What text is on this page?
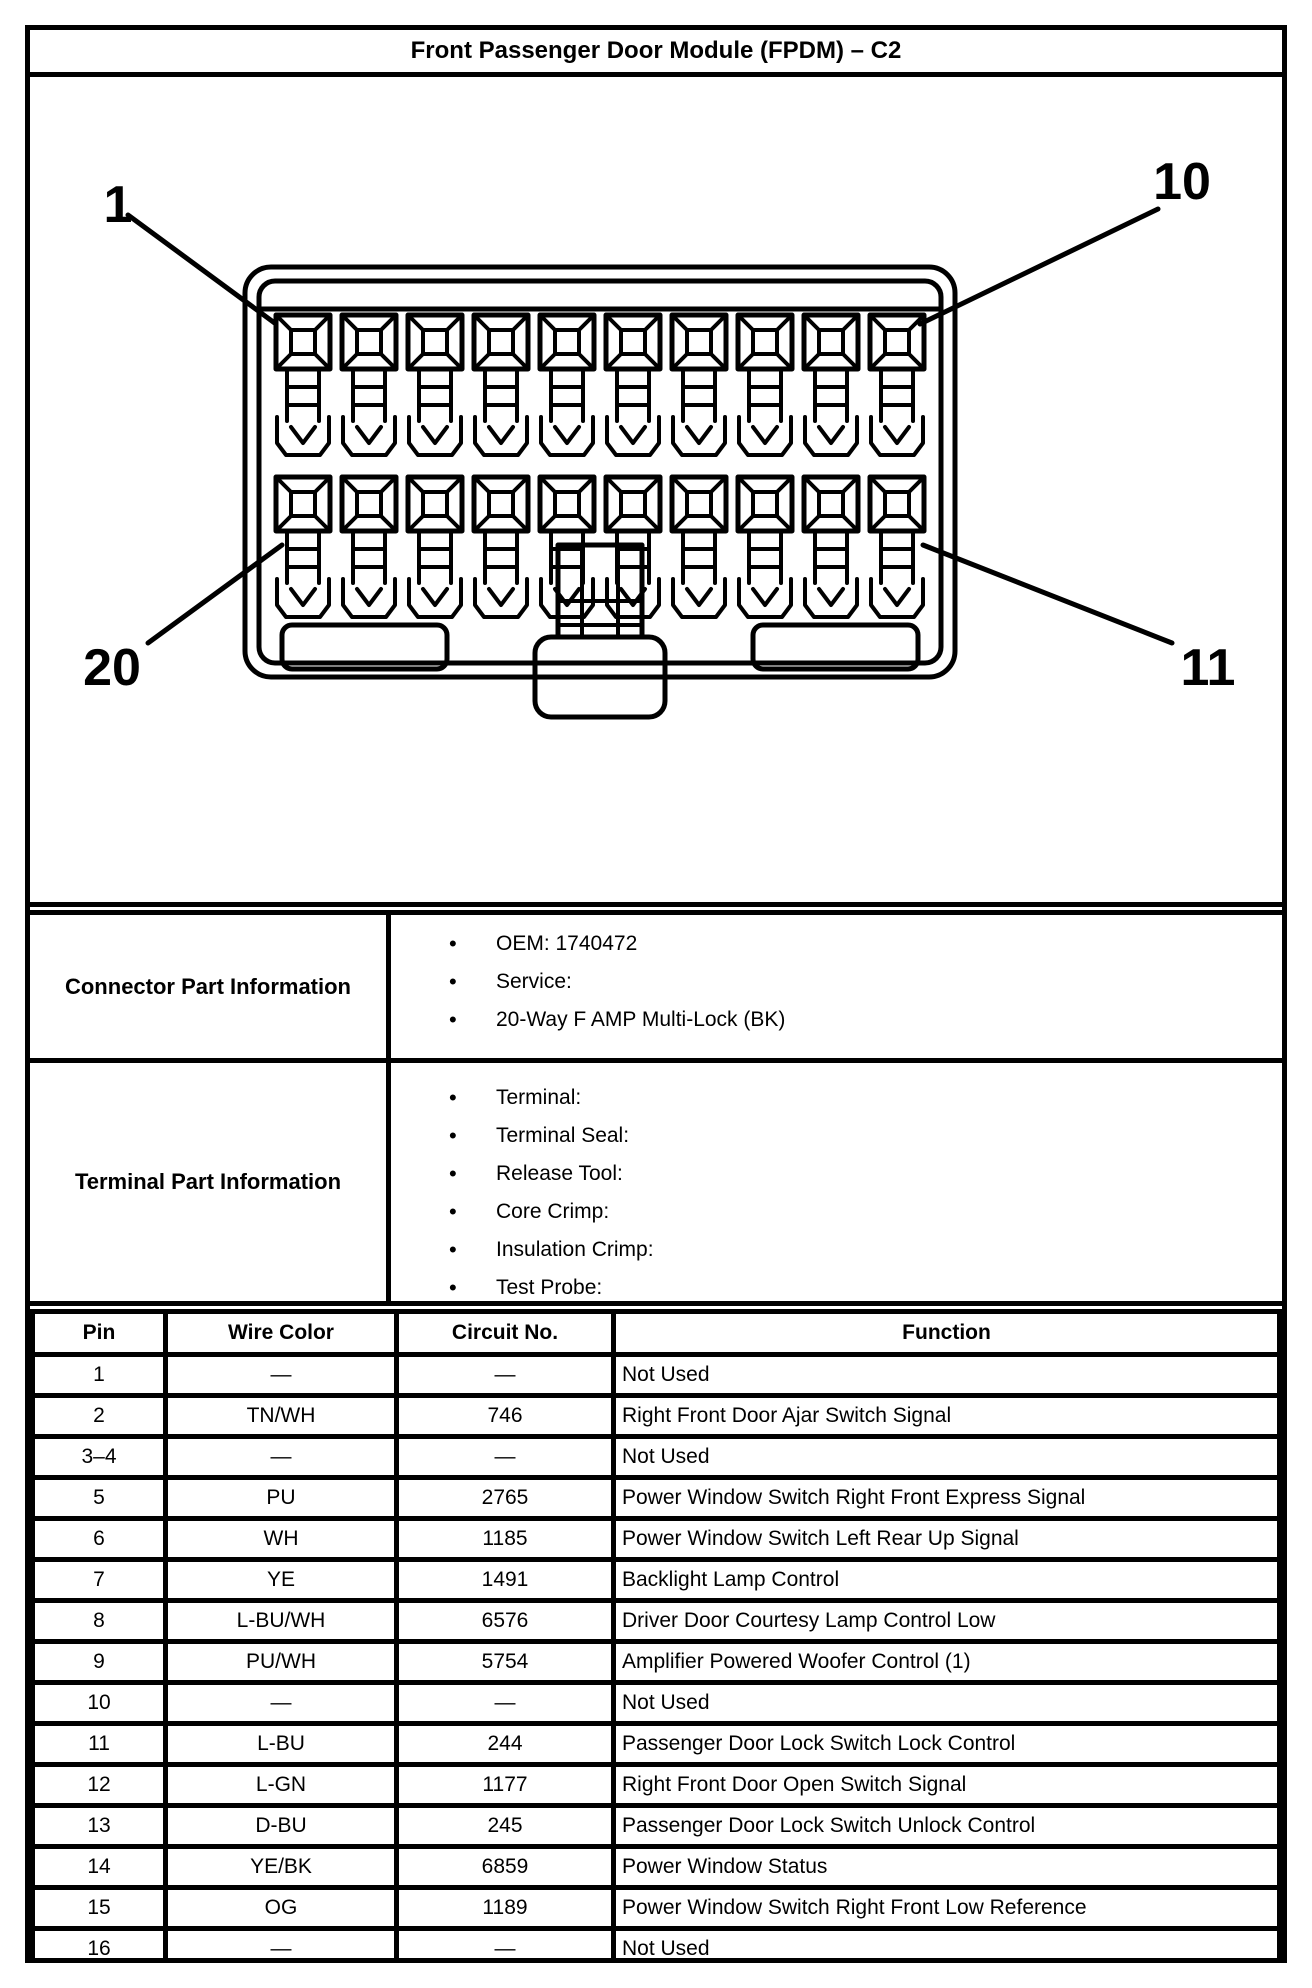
Front Passenger Door Module (FPDM) – C2
1	10
20	11
Connector Part Information
• OEM: 1740472
• Service:
• 20-Way F AMP Multi-Lock (BK)
Terminal Part Information
• Terminal:
• Terminal Seal:
• Release Tool:
• Core Crimp:
• Insulation Crimp:
• Test Probe:
Pin	Wire Color	Circuit No.	Function
1	—	—	Not Used
2	TN/WH	746	Right Front Door Ajar Switch Signal
3–4	—	—	Not Used
5	PU	2765	Power Window Switch Right Front Express Signal
6	WH	1185	Power Window Switch Left Rear Up Signal
7	YE	1491	Backlight Lamp Control
8	L-BU/WH	6576	Driver Door Courtesy Lamp Control Low
9	PU/WH	5754	Amplifier Powered Woofer Control (1)
10	—	—	Not Used
11	L-BU	244	Passenger Door Lock Switch Lock Control
12	L-GN	1177	Right Front Door Open Switch Signal
13	D-BU	245	Passenger Door Lock Switch Unlock Control
14	YE/BK	6859	Power Window Status
15	OG	1189	Power Window Switch Right Front Low Reference
16	—	—	Not Used
